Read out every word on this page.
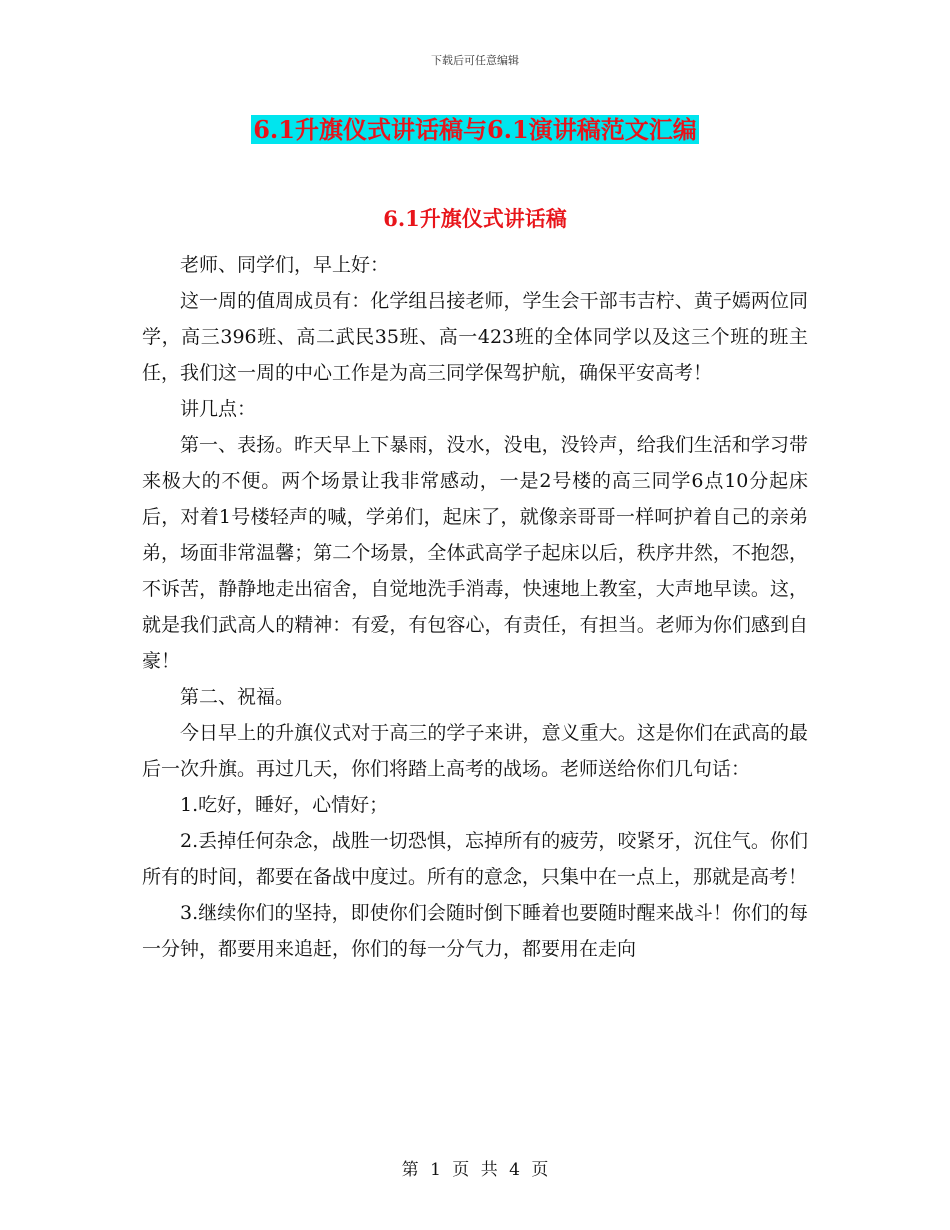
下载后可任意编辑
6.1升旗仪式讲话稿与6.1演讲稿范文汇编
6.1升旗仪式讲话稿

老师、同学们，早上好：

这一周的值周成员有：化学组吕接老师，学生会干部韦吉柠、黄子嫣两位同学，高三396班、高二武民35班、高一423班的全体同学以及这三个班的班主任，我们这一周的中心工作是为高三同学保驾护航，确保平安高考！

讲几点：

第一、表扬。昨天早上下暴雨，没水，没电，没铃声，给我们生活和学习带来极大的不便。两个场景让我非常感动，一是2号楼的高三同学6点10分起床后，对着1号楼轻声的喊，学弟们，起床了，就像亲哥哥一样呵护着自己的亲弟弟，场面非常温馨；第二个场景，全体武高学子起床以后，秩序井然，不抱怨，不诉苦，静静地走出宿舍，自觉地洗手消毒，快速地上教室，大声地早读。这，就是我们武高人的精神：有爱，有包容心，有责任，有担当。老师为你们感到自豪！

第二、祝福。

今日早上的升旗仪式对于高三的学子来讲，意义重大。这是你们在武高的最后一次升旗。再过几天，你们将踏上高考的战场。老师送给你们几句话：

1.吃好，睡好，心情好；

2.丢掉任何杂念，战胜一切恐惧，忘掉所有的疲劳，咬紧牙，沉住气。你们所有的时间，都要在备战中度过。所有的意念，只集中在一点上，那就是高考！

3.继续你们的坚持，即使你们会随时倒下睡着也要随时醒来战斗！你们的每一分钟，都要用来追赶，你们的每一分气力，都要用在走向

第 1 页 共 4 页
